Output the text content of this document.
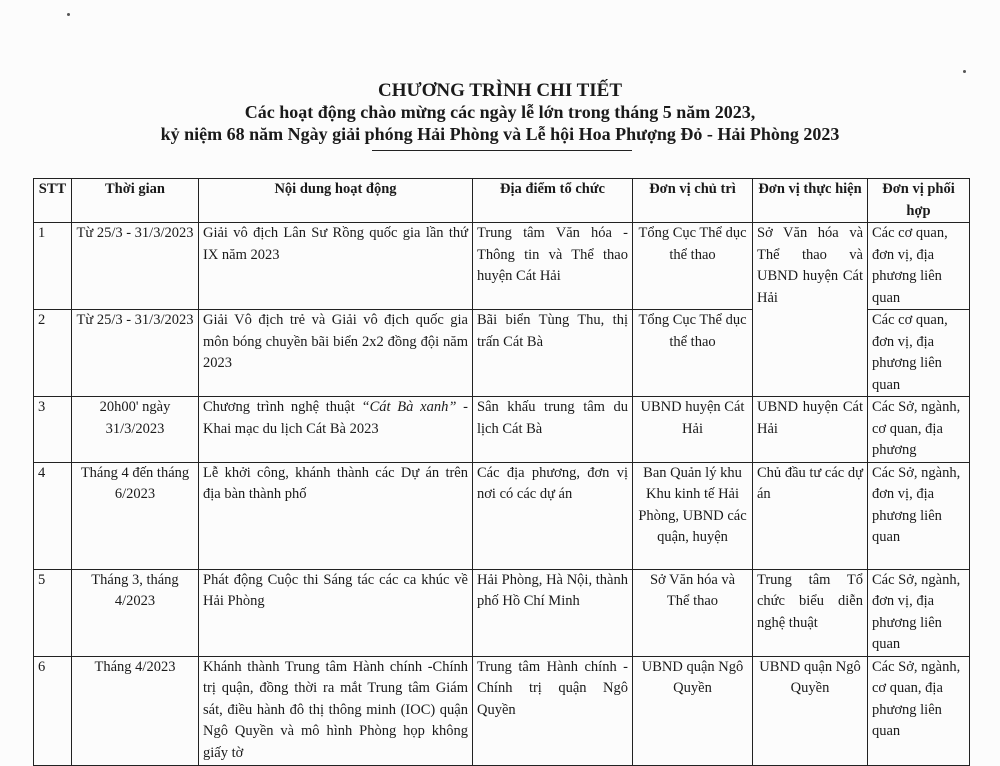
CHƯƠNG TRÌNH CHI TIẾT
Các hoạt động chào mừng các ngày lễ lớn trong tháng 5 năm 2023,
kỷ niệm 68 năm Ngày giải phóng Hải Phòng và Lễ hội Hoa Phượng Đỏ - Hải Phòng 2023
STT	Thời gian	Nội dung hoạt động	Địa điểm tổ chức	Đơn vị chủ trì	Đơn vị thực hiện	Đơn vị phối hợp
1	Từ 25/3 - 31/3/2023	Giải vô địch Lân Sư Rồng quốc gia lần thứ IX năm 2023	Trung tâm Văn hóa - Thông tin và Thể thao huyện Cát Hải	Tổng Cục Thể dục thể thao	Sở Văn hóa và Thể thao và UBND huyện Cát Hải	Các cơ quan, đơn vị, địa phương liên quan
2	Từ 25/3 - 31/3/2023	Giải Vô địch trẻ và Giải vô địch quốc gia môn bóng chuyền bãi biển 2x2 đồng đội năm 2023	Bãi biển Tùng Thu, thị trấn Cát Bà	Tổng Cục Thể dục thể thao		Các cơ quan, đơn vị, địa phương liên quan
3	20h00' ngày 31/3/2023	Chương trình nghệ thuật “Cát Bà xanh” - Khai mạc du lịch Cát Bà 2023	Sân khấu trung tâm du lịch Cát Bà	UBND huyện Cát Hải	UBND huyện Cát Hải	Các Sở, ngành, cơ quan, địa phương
4	Tháng 4 đến tháng 6/2023	Lễ khởi công, khánh thành các Dự án trên địa bàn thành phố	Các địa phương, đơn vị nơi có các dự án	Ban Quản lý khu Khu kinh tế Hải Phòng, UBND các quận, huyện	Chủ đầu tư các dự án	Các Sở, ngành, đơn vị, địa phương liên quan
5	Tháng 3, tháng 4/2023	Phát động Cuộc thi Sáng tác các ca khúc về Hải Phòng	Hải Phòng, Hà Nội, thành phố Hồ Chí Minh	Sở Văn hóa và Thể thao	Trung tâm Tổ chức biểu diễn nghệ thuật	Các Sở, ngành, đơn vị, địa phương liên quan
6	Tháng 4/2023	Khánh thành Trung tâm Hành chính -Chính trị quận, đồng thời ra mắt Trung tâm Giám sát, điều hành đô thị thông minh (IOC) quận Ngô Quyền và mô hình Phòng họp không giấy tờ	Trung tâm Hành chính - Chính trị quận Ngô Quyền	UBND quận Ngô Quyền	UBND quận Ngô Quyền	Các Sở, ngành, cơ quan, địa phương liên quan
